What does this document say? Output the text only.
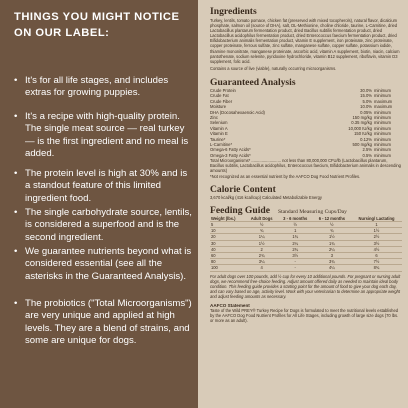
THINGS YOU MIGHT NOTICE ON OUR LABEL:
• It's for all life stages, and includes extras for growing puppies.
• It's a recipe with high-quality protein. The single meat source — real turkey — is the first ingredient and no meal is added.
• The protein level is high at 30% and is a standout feature of this limited ingredient food.
• The single carbohydrate source, lentils, is considered a superfood and is the second ingredient.
• We guarantee nutrients beyond what is considered essential (see all the asterisks in the Guaranteed Analysis).
• The probiotics ("Total Microorganisms") are very unique and applied at high levels. They are a blend of strains, and some are unique for dogs.

Ingredients

Turkey, lentils, tomato pomace, chicken fat (preserved with mixed tocopherols), natural flavor, dicalcium phosphate, salmon oil (source of DHA), salt, DL-Methionine, choline chloride, taurine, L-Carnitine, dried Lactobacillus plantarum fermentation product, dried Bacillus subtilis fermentation product, dried Lactobacillus acidophilus fermentation product, dried Enterococcus faecium fermentation product, dried Bifidobacterium animalis fermentation product, vitamin E supplement, iron proteinate, zinc proteinate, copper proteinate, ferrous sulfate, zinc sulfate, manganese sulfate, copper sulfate, potassium iodide, thiamine mononitrate, manganese proteinate, ascorbic acid, vitamin A supplement, biotin, niacin, calcium pantothenate, sodium selenite, pyridoxine hydrochloride, vitamin B12 supplement, riboflavin, vitamin D3 supplement, folic acid.

Contains a source of live (viable), naturally occurring microorganisms.

Guaranteed Analysis

Crude Protein	30.0%	minimum
Crude Fat	15.0%	minimum
Crude Fiber	5.0%	maximum
Moisture	10.0%	maximum
DHA (Docosahexaenoic Acid)	0.05%	minimum
Zinc	150 mg/kg	minimum
Selenium	0.35 mg/kg	minimum
Vitamin A	10,000 IU/kg	minimum
Vitamin E	150 IU/kg	minimum
Taurine*	0.12%	minimum
L-Carnitine*	500 mg/kg	minimum
Omega-6 Fatty Acids*	2.5%	minimum
Omega-3 Fatty Acids*	0.5%	minimum

Total Microorganisms* .......................... not less than 80,000,000 CFU/lb (Lactobacillus plantarum, Bacillus subtilis, Lactobacillus acidophilus, Enterococcus faecium, Bifidobacterium animalis in descending amounts)

*Not recognized as an essential nutrient by the AAFCO Dog Food Nutrient Profiles.

Calorie Content

3,670 kcal/kg (416 kcal/cup) Calculated Metabolizable Energy

Feeding Guide Standard Measuring Cups/Day
Weight (lbs.)	Adult Dogs	3 - 6 months	6 - 12 months	Nursing/ Lactating
5	½	½	½	1
10	¾	1	¾	1½
20	1¼	1¾	1½	2½
30	1½	2¼	1¾	3½
40	2	2¾	2¼	4½
60	2¾	3½	3	6
80	3¼	-	3¾	7½
100	4	-	4¼	8¾

For adult dogs over 100 pounds, add ½ cup for every 10 additional pounds. For pregnant or nursing adult dogs, we recommend free-choice feeding. Adjust amount offered daily as needed to maintain ideal body condition. This feeding guide provides a starting point for the amount of food to give your dog each day, and can vary based on age, activity level. Work with your veterinarian to determine an appropriate weight and adjust feeding amounts as necessary.

AAFCO Statement

Taste of the Wild PREY® Turkey Recipe for Dogs is formulated to meet the nutritional levels established by the AAFCO Dog Food Nutrient Profiles for All Life Stages, including growth of large size dogs (70 lbs. or more as an adult).
